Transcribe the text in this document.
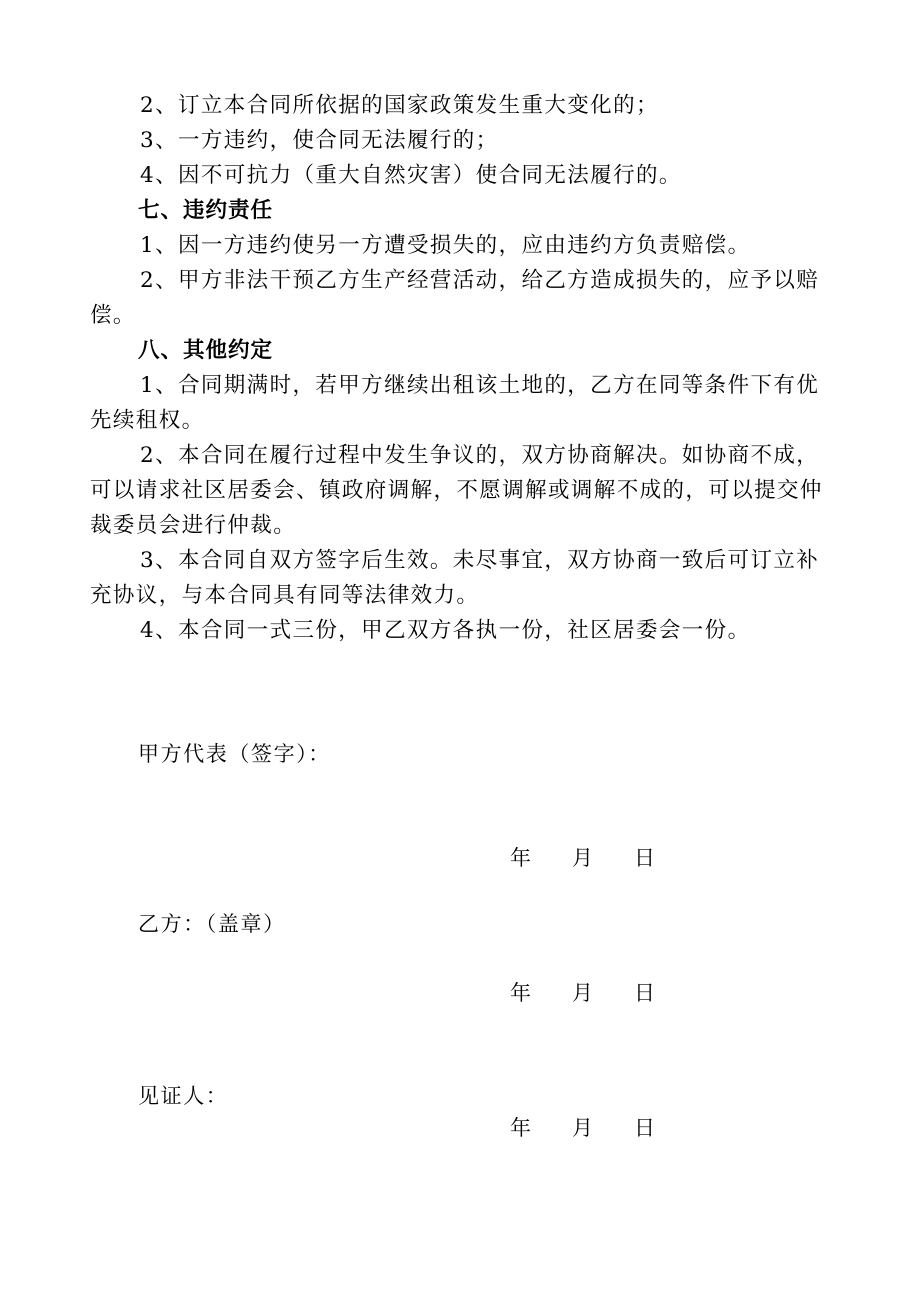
2、订立本合同所依据的国家政策发生重大变化的；

3、一方违约，使合同无法履行的；

4、因不可抗力（重大自然灾害）使合同无法履行的。

七、违约责任

1、因一方违约使另一方遭受损失的，应由违约方负责赔偿。

2、甲方非法干预乙方生产经营活动，给乙方造成损失的，应予以赔偿。

八、其他约定

1、合同期满时，若甲方继续出租该土地的，乙方在同等条件下有优先续租权。

2、本合同在履行过程中发生争议的，双方协商解决。如协商不成，可以请求社区居委会、镇政府调解，不愿调解或调解不成的，可以提交仲裁委员会进行仲裁。

3、本合同自双方签字后生效。未尽事宜，双方协商一致后可订立补充协议，与本合同具有同等法律效力。

4、本合同一式三份，甲乙双方各执一份，社区居委会一份。

甲方代表（签字）：
年 月 日
乙方：（盖章）
年 月 日
见证人：
年 月 日
